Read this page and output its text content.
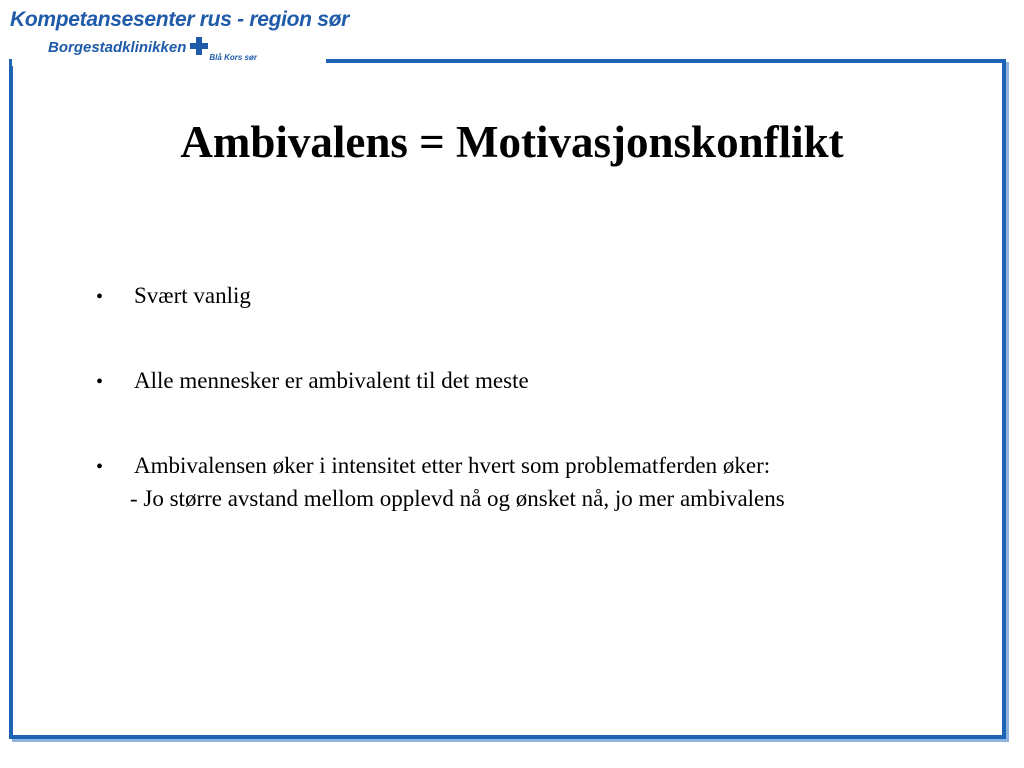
Kompetansesenter rus - region sør
Borgestadklinikken
Blå Kors sør
Ambivalens = Motivasjonskonflikt
•	Svært vanlig
•	Alle mennesker er ambivalent til det meste
•	Ambivalensen øker i intensitet etter hvert som problematferden øker:
- Jo større avstand mellom opplevd nå og ønsket nå, jo mer ambivalens
